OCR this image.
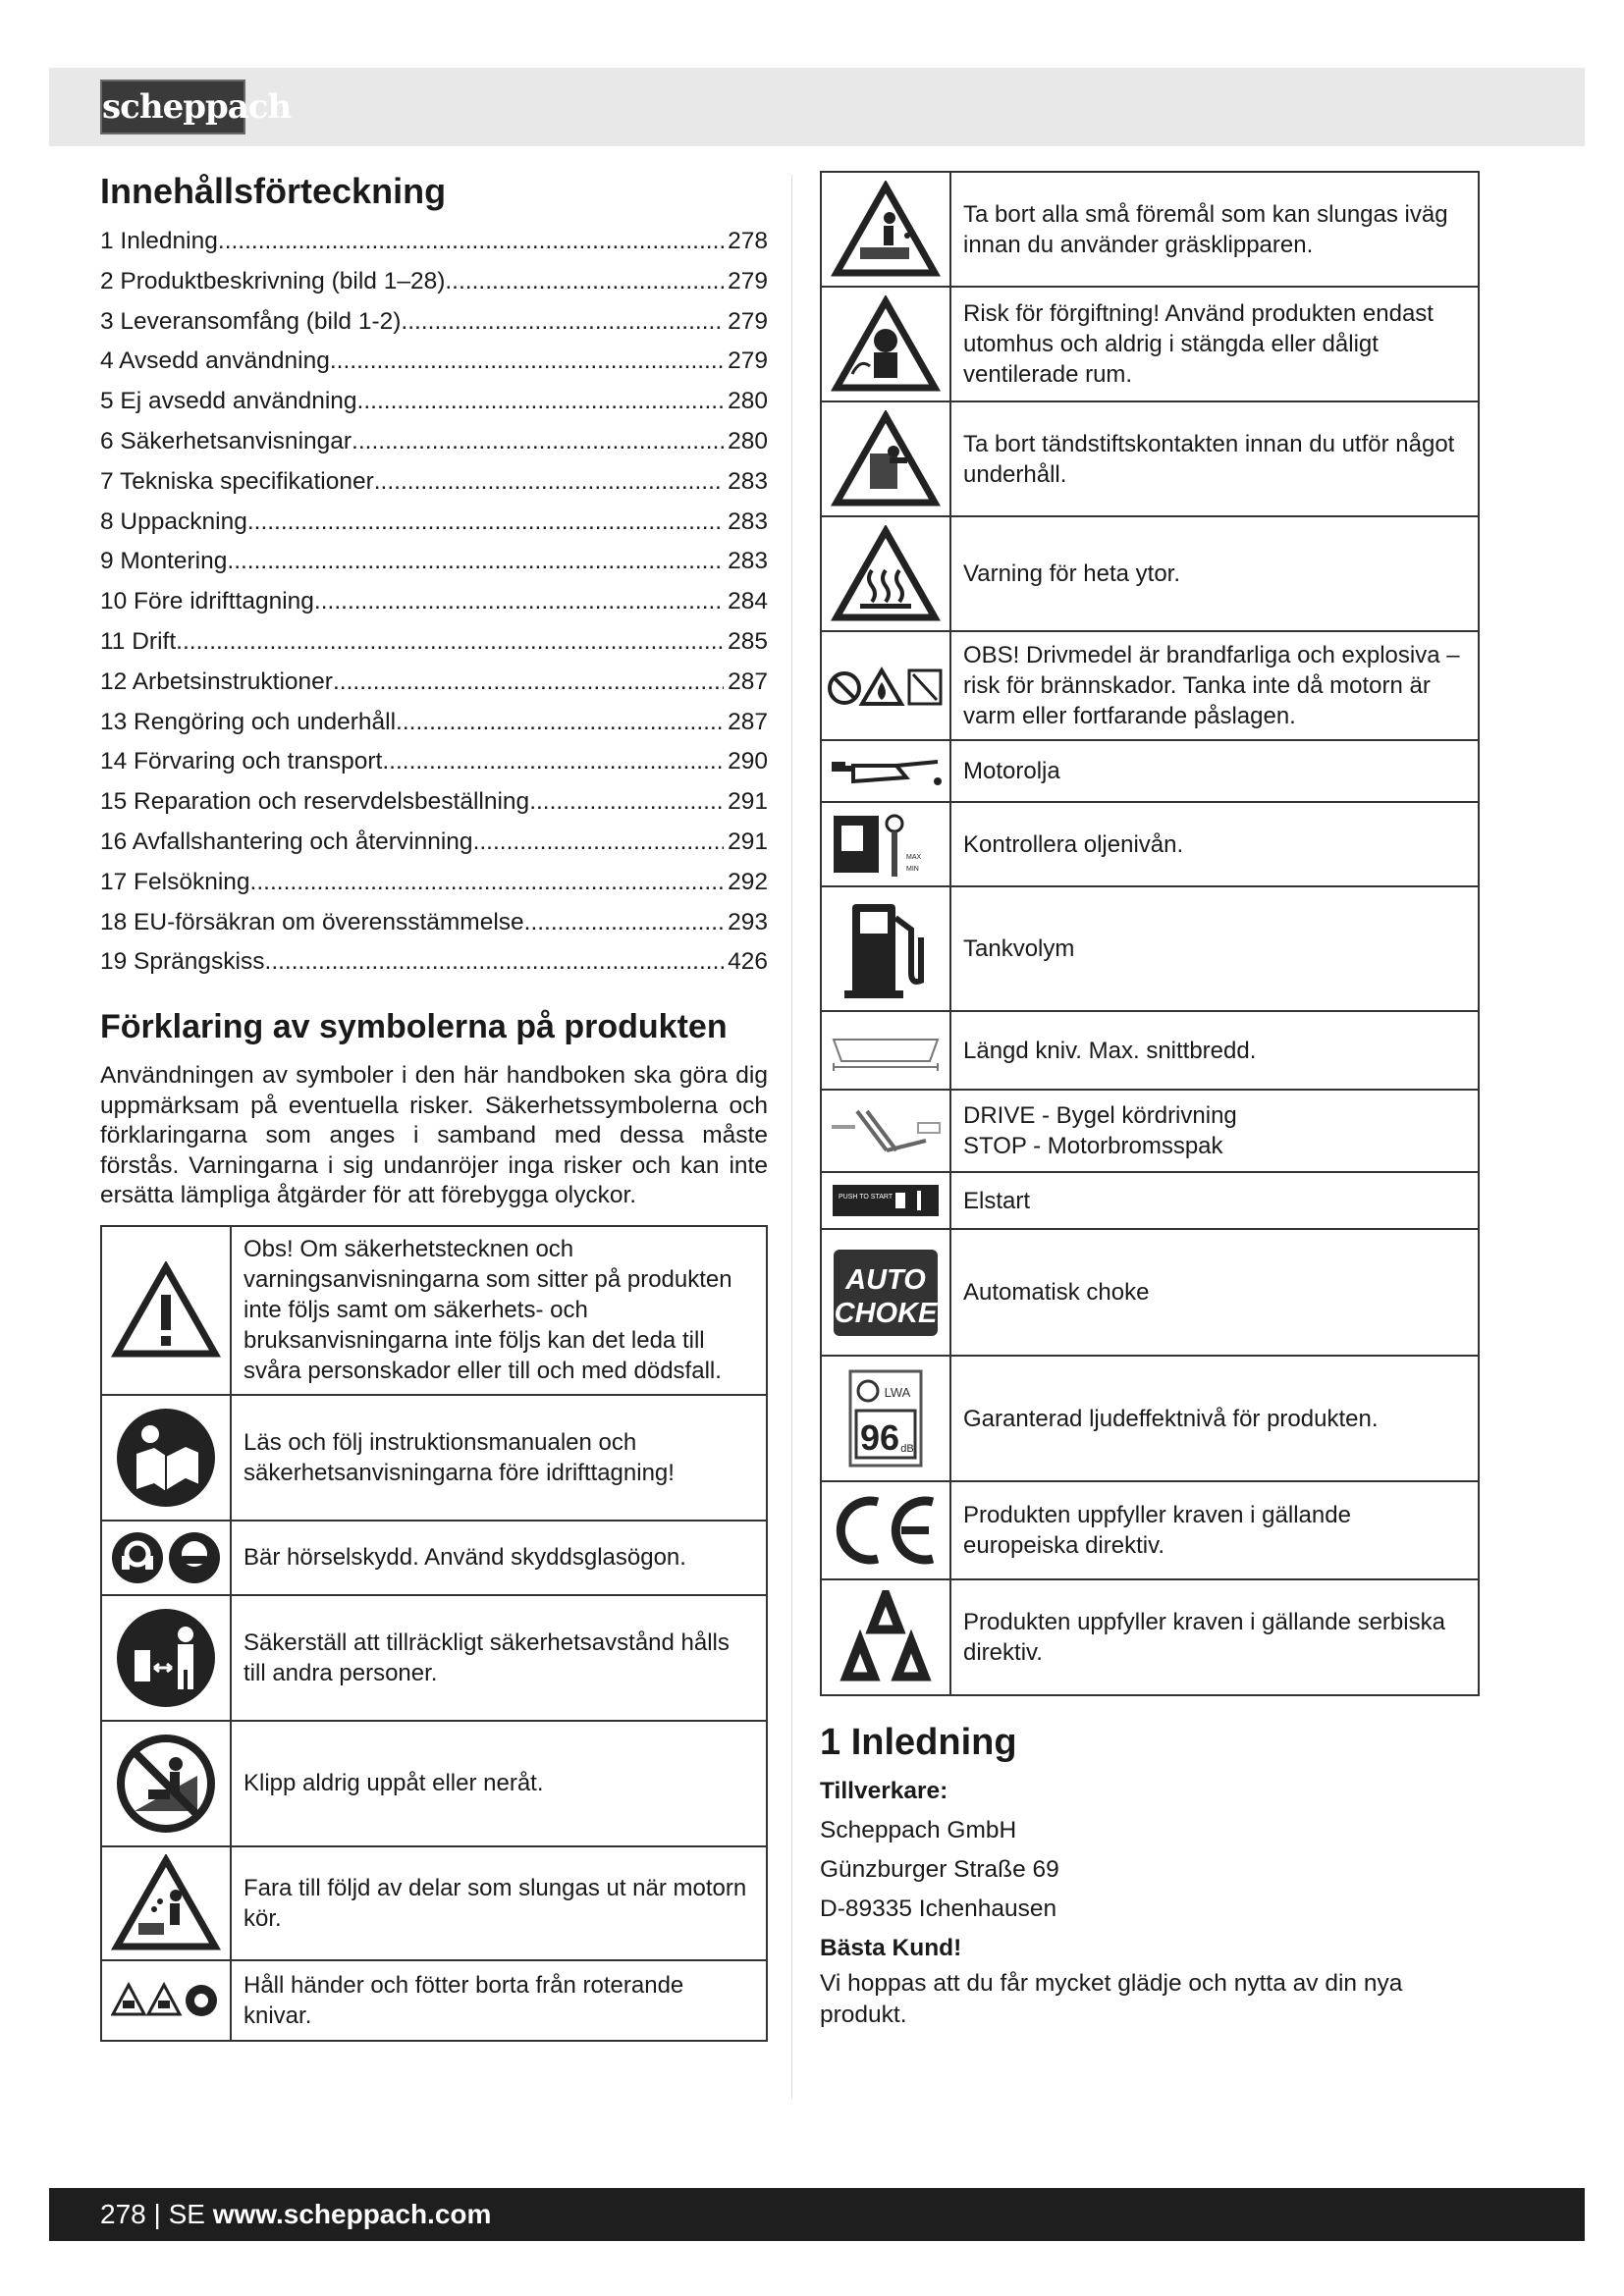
scheppach
Innehållsförteckning
1 Inledning .....	278
2 Produktbeskrivning (bild 1–28) .....	279
3 Leveransomfång (bild 1-2) .....	279
4 Avsedd användning .....	279
5 Ej avsedd användning .....	280
6 Säkerhetsanvisningar .....	280
7 Tekniska specifikationer .....	283
8 Uppackning .....	283
9 Montering .....	283
10 Före idrifttagning .....	284
11 Drift .....	285
12 Arbetsinstruktioner .....	287
13 Rengöring och underhåll .....	287
14 Förvaring och transport .....	290
15 Reparation och reservdelsbeställning .....	291
16 Avfallshantering och återvinning .....	291
17 Felsökning .....	292
18 EU-försäkran om överensstämmelse .....	293
19 Sprängskiss .....	426
Förklaring av symbolerna på produkten

Användningen av symboler i den här handboken ska göra dig uppmärksam på eventuella risker. Säkerhetssymbolerna och förklaringarna som anges i samband med dessa måste förstås. Varningarna i sig undanröjer inga risker och kan inte ersätta lämpliga åtgärder för att förebygga olyckor.

	Obs! Om säkerhetstecknen och varningsanvisningarna som sitter på produkten inte följs samt om säkerhets- och bruksanvisningarna inte följs kan det leda till svåra personskador eller till och med dödsfall.

	Läs och följ instruktionsmanualen och säkerhetsanvisningarna före idrifttagning!

	Bär hörselskydd. Använd skyddsglasögon.

	Säkerställ att tillräckligt säkerhetsavstånd hålls till andra personer.

	Klipp aldrig uppåt eller neråt.

	Fara till följd av delar som slungas ut när motorn kör.

	Håll händer och fötter borta från roterande knivar.
	Ta bort alla små föremål som kan slungas iväg innan du använder gräsklipparen.

	Risk för förgiftning! Använd produkten endast utomhus och aldrig i stängda eller dåligt ventilerade rum.

	Ta bort tändstiftskontakten innan du utför något underhåll.

	Varning för heta ytor.

	OBS! Drivmedel är brandfarliga och explosiva – risk för brännskador. Tanka inte då motorn är varm eller fortfarande påslagen.

	Motorolja

MAX
MIN	Kontrollera oljenivån.

	Tankvolym

	Längd kniv. Max. snittbredd.

DRIVE - Bygel kördrivning
STOP - Motorbromsspak

PUSH TO START	Elstart

AUTO
CHOKE	Automatisk choke

LWA
96 dB	Garanterad ljudeffektnivå för produkten.

	Produkten uppfyller kraven i gällande europeiska direktiv.

	Produkten uppfyller kraven i gällande serbiska direktiv.
1 Inledning
Tillverkare:
Scheppach GmbH
Günzburger Straße 69
D-89335 Ichenhausen
Bästa Kund!
Vi hoppas att du får mycket glädje och nytta av din nya produkt.
278 | SE www.scheppach.com
